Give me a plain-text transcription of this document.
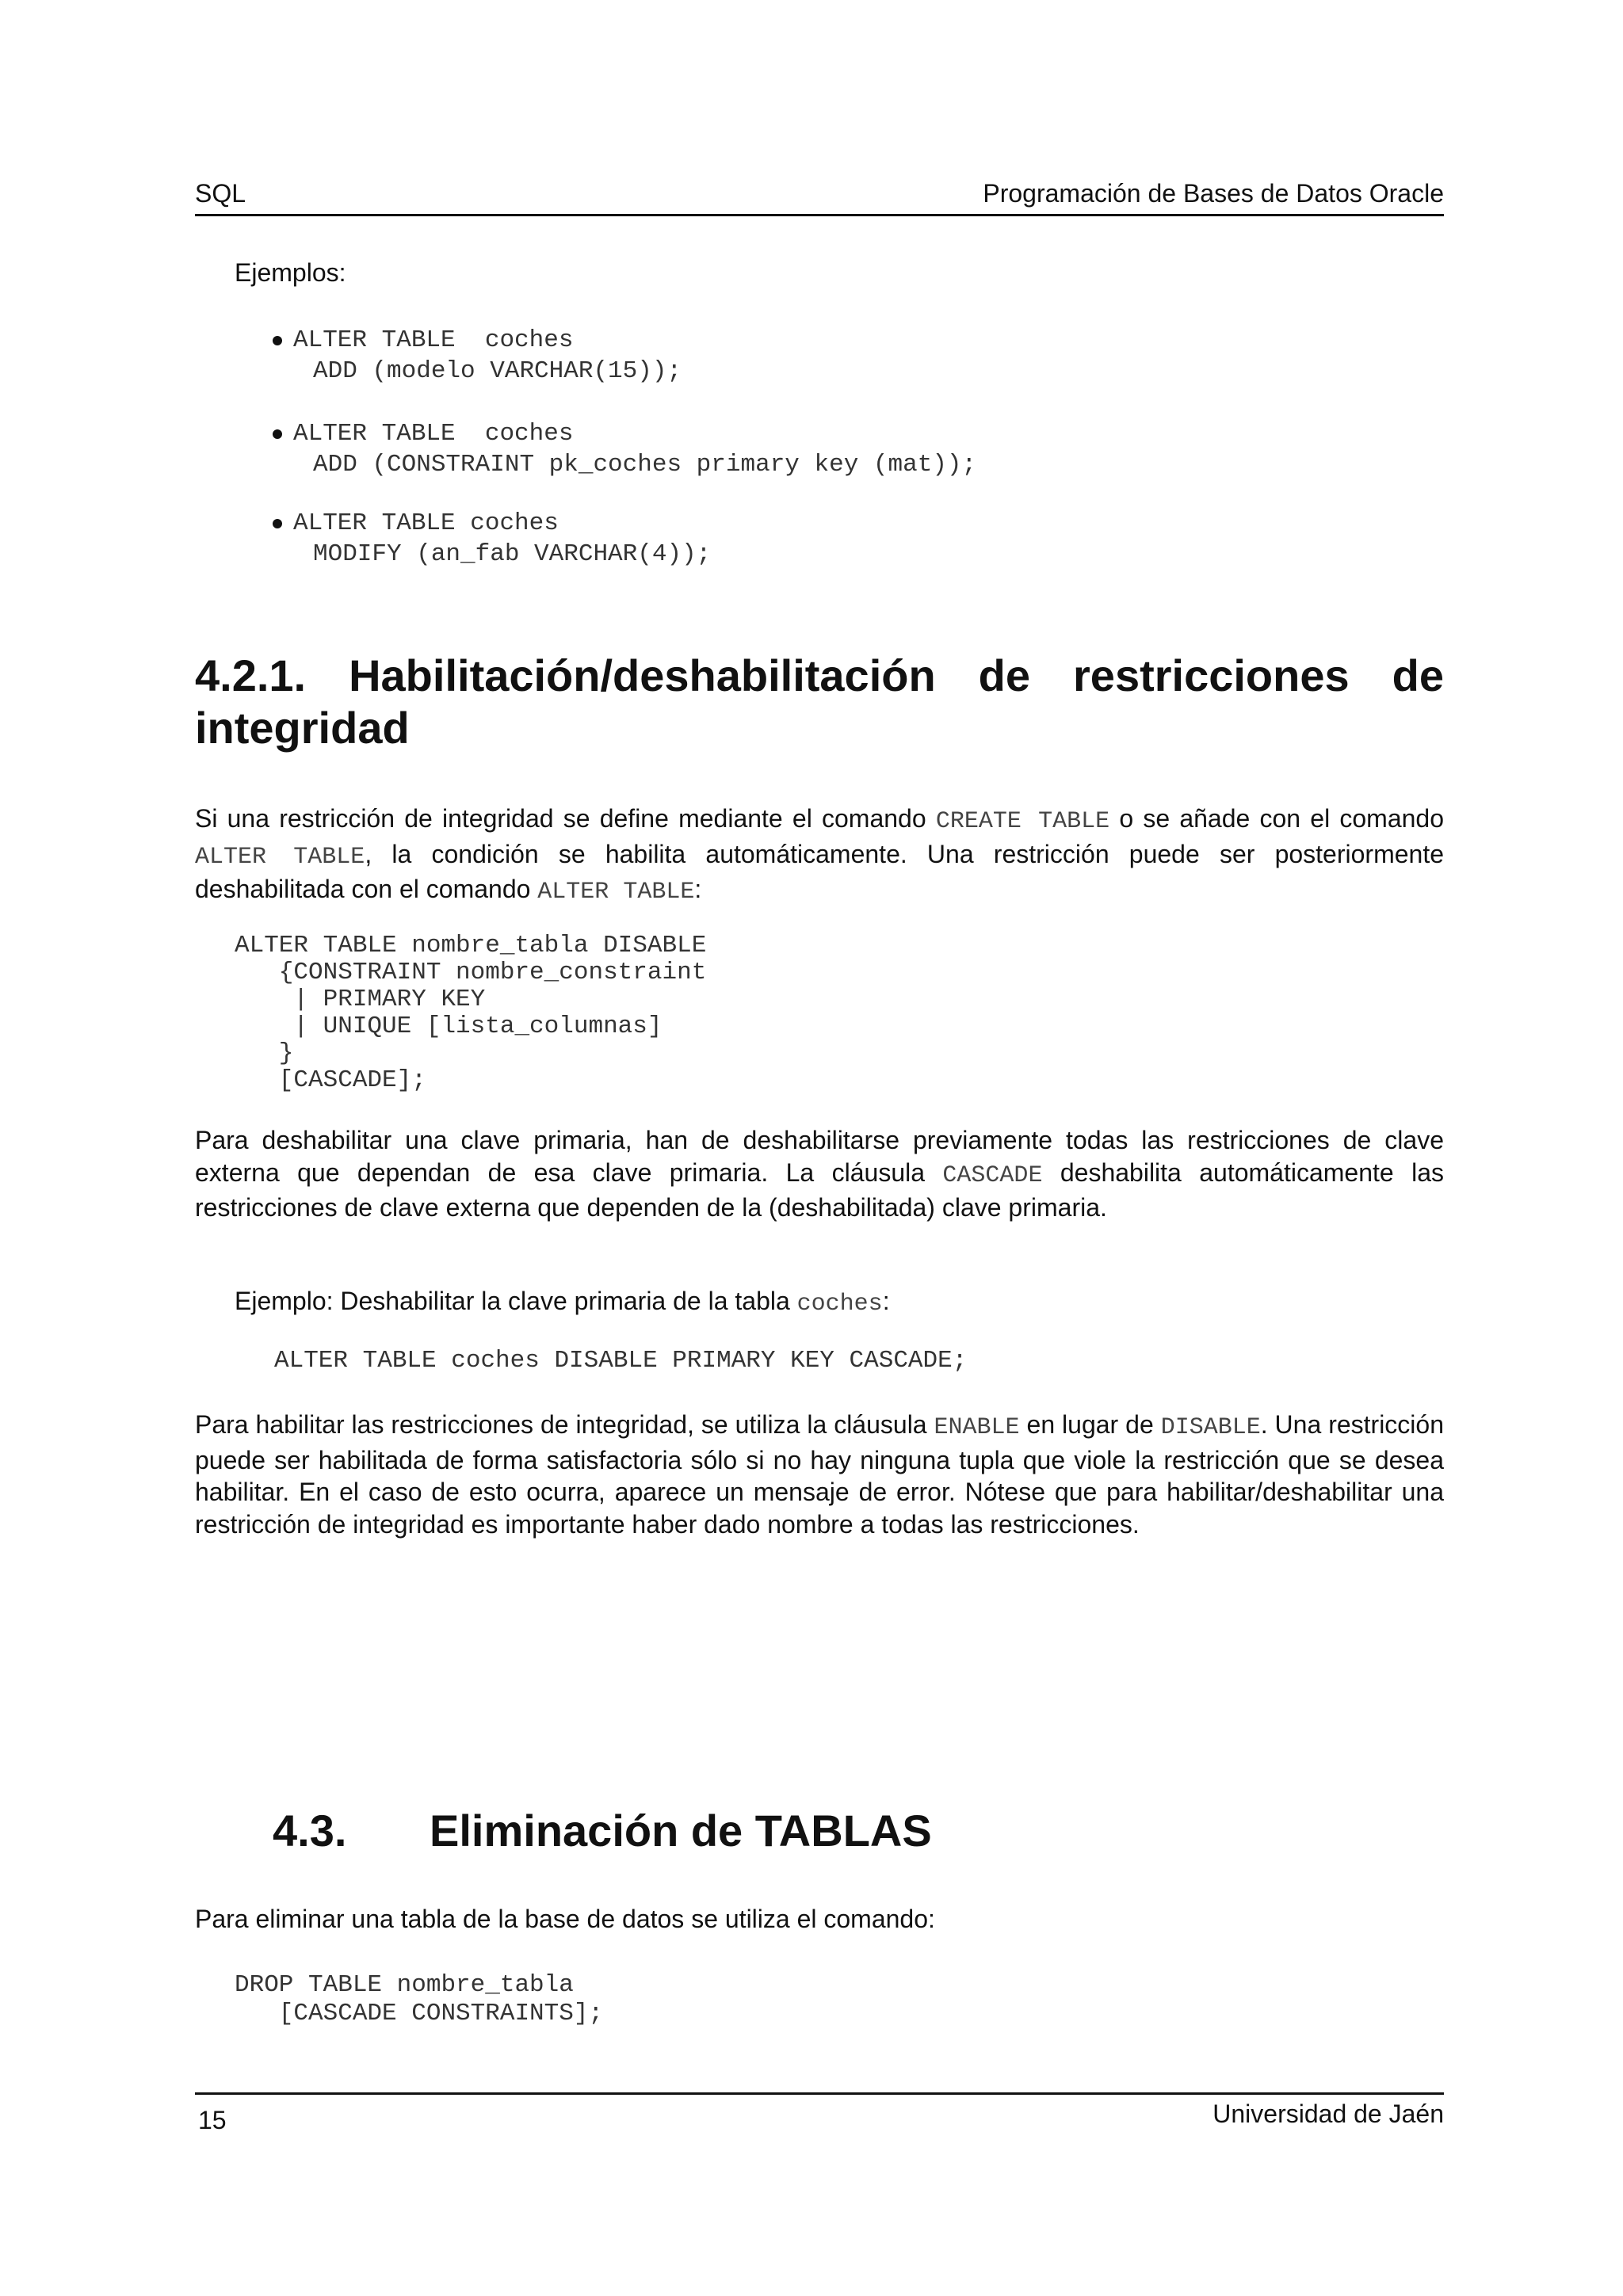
SQL	Programación de Bases de Datos Oracle
Ejemplos:
ALTER TABLE  coches
ADD (modelo VARCHAR(15));
ALTER TABLE  coches
ADD (CONSTRAINT pk_coches primary key (mat));
ALTER TABLE coches
MODIFY (an_fab VARCHAR(4));
4.2.1. Habilitación/deshabilitación de restricciones de
integridad
Si una restricción de integridad se define mediante el comando CREATE TABLE o se añade con el comando ALTER TABLE, la condición se habilita automáticamente. Una restricción puede ser posteriormente deshabilitada con el comando ALTER TABLE:
ALTER TABLE nombre_tabla DISABLE
{CONSTRAINT nombre_constraint
| PRIMARY KEY
| UNIQUE [lista_columnas]
}
[CASCADE];
Para deshabilitar una clave primaria, han de deshabilitarse previamente todas las restricciones de clave externa que dependan de esa clave primaria. La cláusula CASCADE deshabilita automáticamente las restricciones de clave externa que dependen de la (deshabilitada) clave primaria.
Ejemplo: Deshabilitar la clave primaria de la tabla coches:
ALTER TABLE coches DISABLE PRIMARY KEY CASCADE;
Para habilitar las restricciones de integridad, se utiliza la cláusula ENABLE en lugar de DISABLE. Una restricción puede ser habilitada de forma satisfactoria sólo si no hay ninguna tupla que viole la restricción que se desea habilitar. En el caso de esto ocurra, aparece un mensaje de error. Nótese que para habilitar/deshabilitar una restricción de integridad es importante haber dado nombre a todas las restricciones.
4.3. Eliminación de TABLAS
Para eliminar una tabla de la base de datos se utiliza el comando:
DROP TABLE nombre_tabla
[CASCADE CONSTRAINTS];
15	Universidad de Jaén
